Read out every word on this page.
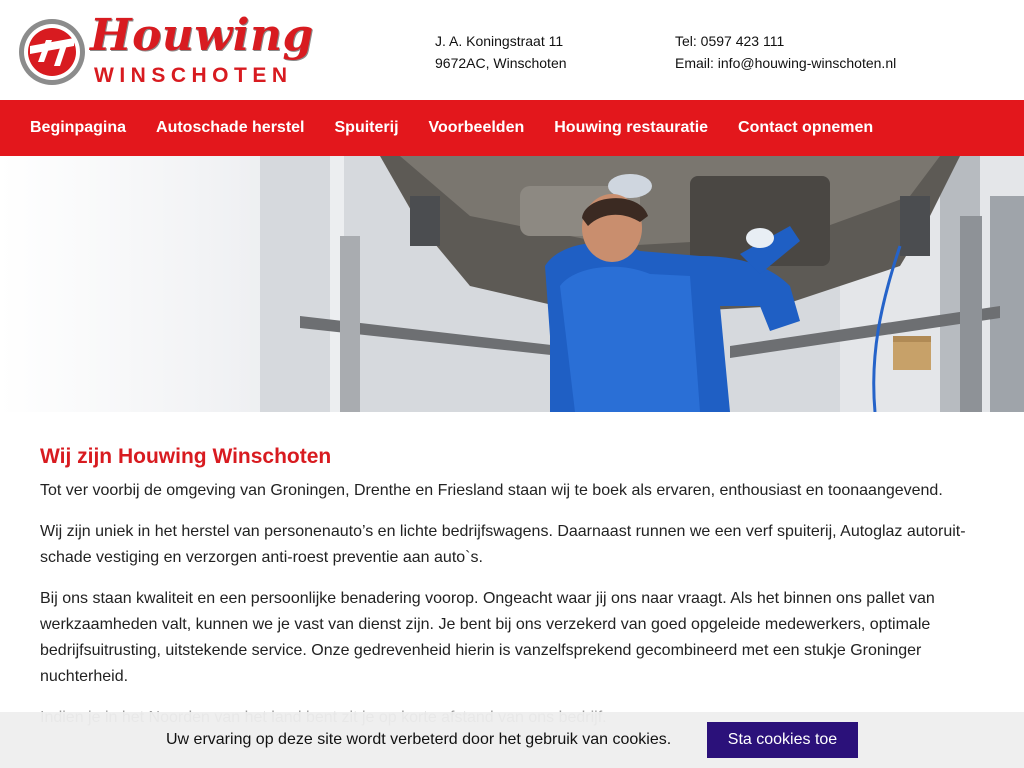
Houwing
WINSCHOTEN
J. A. Koningstraat 11
9672AC, Winschoten
Tel: 0597 423 111
Email: info@houwing-winschoten.nl
Beginpagina Autoschade herstel Spuiterij Voorbeelden Houwing restauratie Contact opnemen
Wij zijn Houwing Winschoten

Tot ver voorbij de omgeving van Groningen, Drenthe en Friesland staan wij te boek als ervaren, enthousiast en toonaangevend.

Wij zijn uniek in het herstel van personenauto’s en lichte bedrijfswagens. Daarnaast runnen we een verf spuiterij, Autoglaz autoruit-schade vestiging en verzorgen anti-roest preventie aan auto`s.

Bij ons staan kwaliteit en een persoonlijke benadering voorop. Ongeacht waar jij ons naar vraagt. Als het binnen ons pallet van werkzaamheden valt, kunnen we je vast van dienst zijn. Je bent bij ons verzekerd van goed opgeleide medewerkers, optimale bedrijfsuitrusting, uitstekende service. Onze gedrevenheid hierin is vanzelfsprekend gecombineerd met een stukje Groninger nuchterheid.

Uw ervaring op deze site wordt verbeterd door het gebruik van cookies.	Sta cookies toe
